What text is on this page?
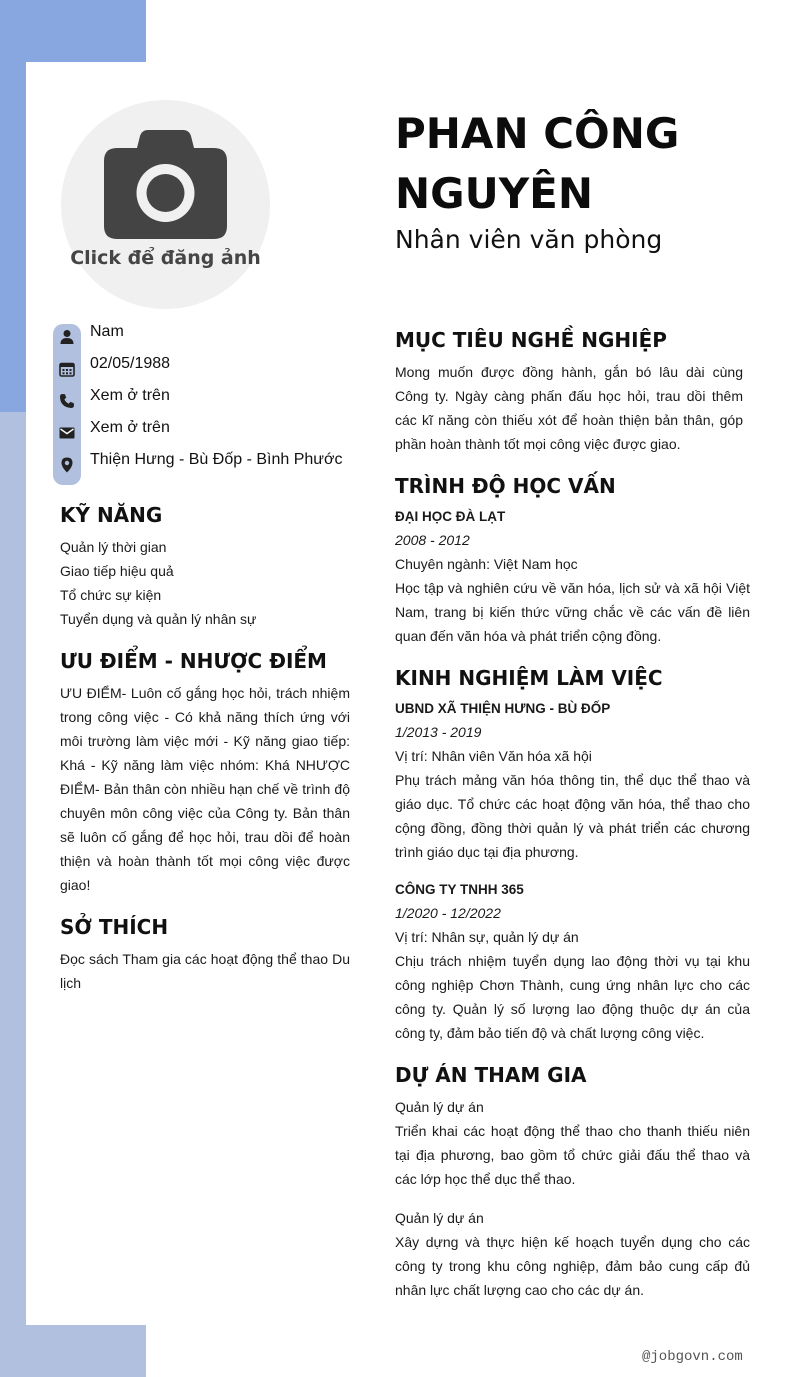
Click để đăng ảnh
PHAN CÔNG NGUYÊN
Nhân viên văn phòng
Nam
02/05/1988
Xem ở trên
Xem ở trên
Thiện Hưng - Bù Đốp - Bình Phước
KỸ NĂNG
Quản lý thời gian
Giao tiếp hiệu quả
Tổ chức sự kiện
Tuyển dụng và quản lý nhân sự
ƯU ĐIỂM - NHƯỢC ĐIỂM
ƯU ĐIỂM- Luôn cố gắng học hỏi, trách nhiệm trong công việc - Có khả năng thích ứng với môi trường làm việc mới - Kỹ năng giao tiếp: Khá - Kỹ năng làm việc nhóm: Khá NHƯỢC ĐIỂM- Bản thân còn nhiều hạn chế về trình độ chuyên môn công việc của Công ty. Bản thân sẽ luôn cố gắng để học hỏi, trau dồi để hoàn thiện và hoàn thành tốt mọi công việc được giao!
SỞ THÍCH
Đọc sách Tham gia các hoạt động thể thao Du lịch
MỤC TIÊU NGHỀ NGHIỆP
Mong muốn được đồng hành, gắn bó lâu dài cùng Công ty. Ngày càng phấn đấu học hỏi, trau dồi thêm các kĩ năng còn thiếu xót để hoàn thiện bản thân, góp phần hoàn thành tốt mọi công việc được giao.
TRÌNH ĐỘ HỌC VẤN
ĐẠI HỌC ĐÀ LẠT
2008 - 2012
Chuyên ngành: Việt Nam học
Học tập và nghiên cứu về văn hóa, lịch sử và xã hội Việt Nam, trang bị kiến thức vững chắc về các vấn đề liên quan đến văn hóa và phát triển cộng đồng.
KINH NGHIỆM LÀM VIỆC
UBND XÃ THIỆN HƯNG - BÙ ĐỐP
1/2013 - 2019
Vị trí: Nhân viên Văn hóa xã hội
Phụ trách mảng văn hóa thông tin, thể dục thể thao và giáo dục. Tổ chức các hoạt động văn hóa, thể thao cho cộng đồng, đồng thời quản lý và phát triển các chương trình giáo dục tại địa phương.
CÔNG TY TNHH 365
1/2020 - 12/2022
Vị trí: Nhân sự, quản lý dự án
Chịu trách nhiệm tuyển dụng lao động thời vụ tại khu công nghiệp Chơn Thành, cung ứng nhân lực cho các công ty. Quản lý số lượng lao động thuộc dự án của công ty, đảm bảo tiến độ và chất lượng công việc.
DỰ ÁN THAM GIA
Quản lý dự án
Triển khai các hoạt động thể thao cho thanh thiếu niên tại địa phương, bao gồm tổ chức giải đấu thể thao và các lớp học thể dục thể thao.
Quản lý dự án
Xây dựng và thực hiện kế hoạch tuyển dụng cho các công ty trong khu công nghiệp, đảm bảo cung cấp đủ nhân lực chất lượng cao cho các dự án.
@jobgovn.com
